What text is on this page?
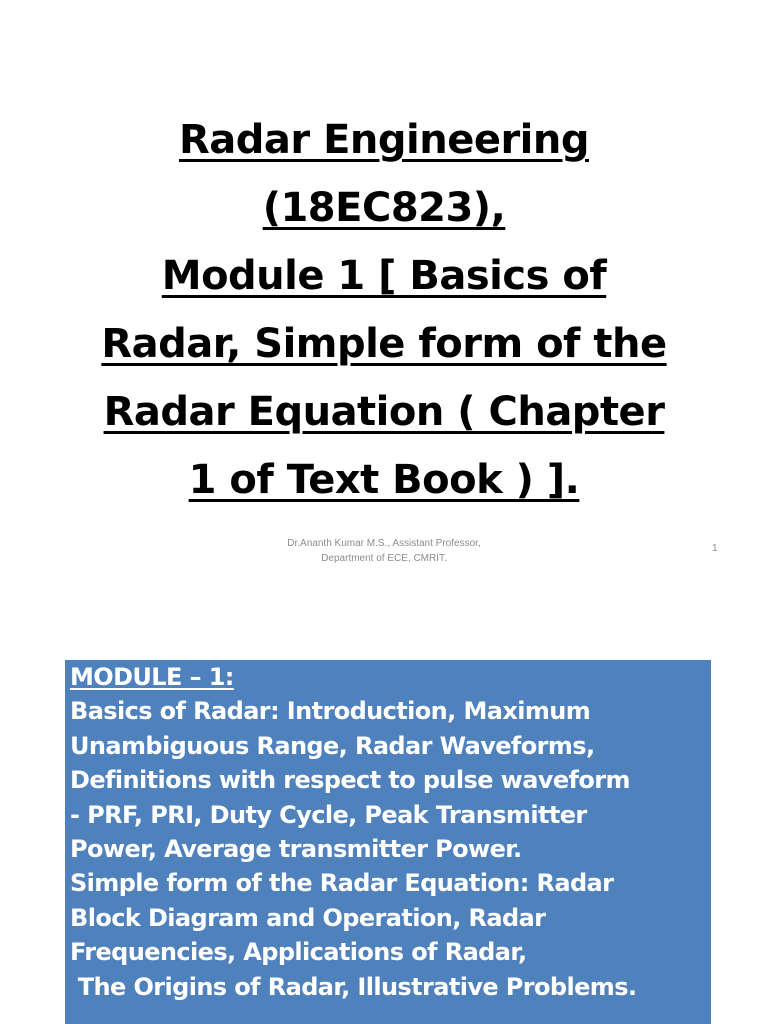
Radar Engineering
(18EC823),
Module 1 [ Basics of
Radar, Simple form of the
Radar Equation ( Chapter
1 of Text Book ) ].
Dr.Ananth Kumar M.S., Assistant Professor,
Department of ECE, CMRIT.
1
MODULE – 1:
Basics of Radar: Introduction, Maximum
Unambiguous Range, Radar Waveforms,
Definitions with respect to pulse waveform
- PRF, PRI, Duty Cycle, Peak Transmitter
Power, Average transmitter Power.
Simple form of the Radar Equation: Radar
Block Diagram and Operation, Radar
Frequencies, Applications of Radar,
The Origins of Radar, Illustrative Problems.
